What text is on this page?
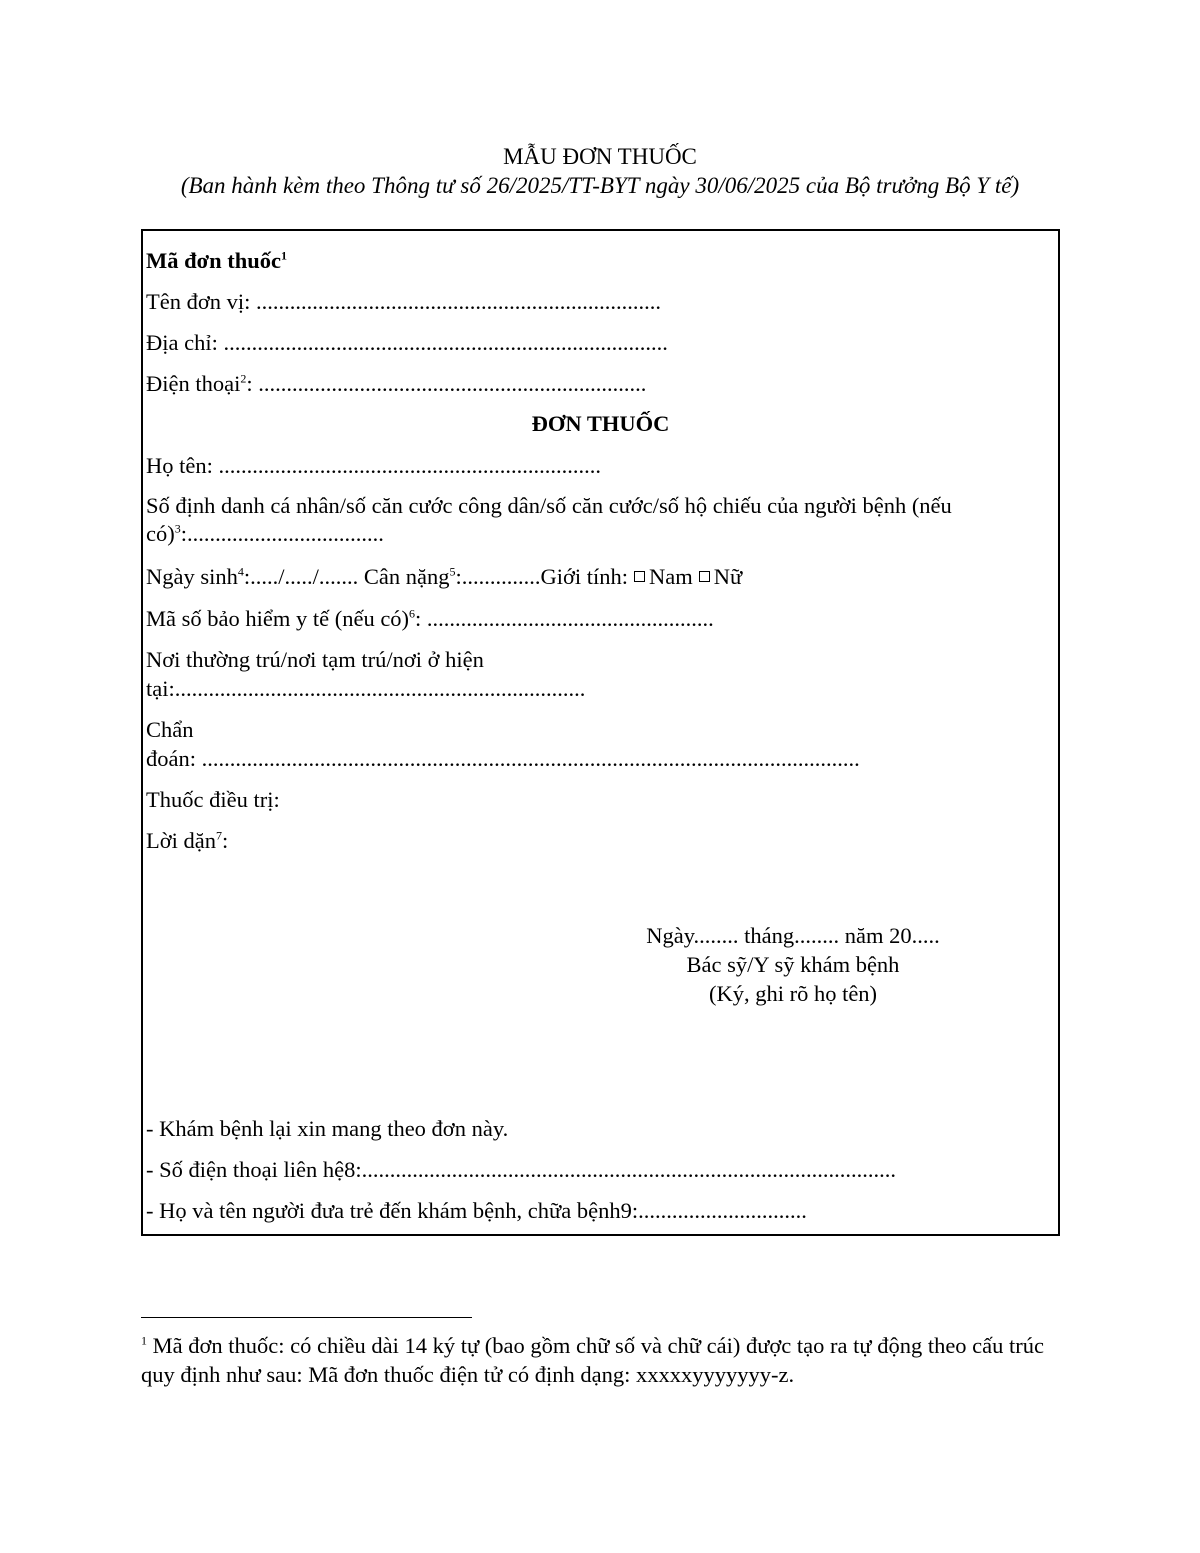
MẪU ĐƠN THUỐC
(Ban hành kèm theo Thông tư số 26/2025/TT-BYT ngày 30/06/2025 của Bộ trưởng Bộ Y tế)
Mã đơn thuốc$^1$
Tên đơn vị: ........................................................................
Địa chỉ: ...............................................................................
Điện thoại$^2$: .....................................................................
ĐƠN THUỐC
Họ tên: ....................................................................
Số định danh cá nhân/số căn cước công dân/số căn cước/số hộ chiếu của người bệnh (nếu
có)$^3$:...................................
Ngày $\sinh^4:...../...../$....... Cân nặng$^5$:..............Giới tính: Nam Nữ
Mã số bảo hiểm y tế (nếu có)$^6$: ...................................................
Nơi thường trú/nơi tạm trú/nơi ở hiện
tại:.........................................................................
Chẩn
đoán: .....................................................................................................................
Thuốc điều trị:
Lời dặn$^7$:
Ngày........ tháng........ năm 20.....
Bác sỹ/Y sỹ khám bệnh
(Ký, ghi rõ họ tên)
- Khám bệnh lại xin mang theo đơn này.
- Số điện thoại liên hệ8:...............................................................................................
- Họ và tên người đưa trẻ đến khám bệnh, chữa bệnh9:..............................
$^1$ Mã đơn thuốc: có chiều dài 14 ký tự (bao gồm chữ số và chữ cái) được tạo ra tự động theo cấu trúc quy định như sau: Mã đơn thuốc điện tử có định dạng: xxxxxyyyyyyy-z.
